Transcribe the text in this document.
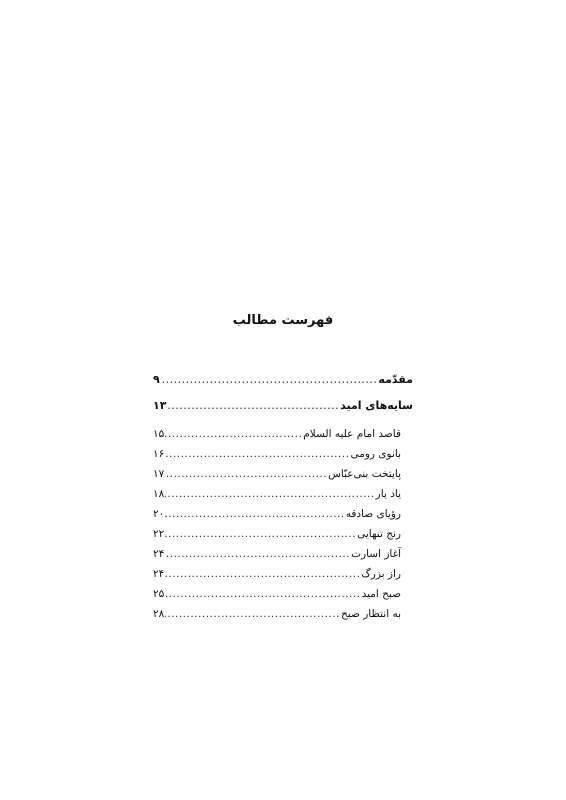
فهرست مطالب
مقدّمه
.....
۹
سایه‌های امید
.....
۱۳
قاصد امام عليه السلام
.....
۱۵
بانوی رومی
.....
۱۶
پایتخت بنی‌عبّاس
.....
۱۷
یاد یار
.....
۱۸
رؤیای صادقه
.....
۲۰
رنج تنهایی
.....
۲۲
آغاز اسارت
.....
۲۴
راز بزرگ
.....
۲۴
صبح امید
.....
۲۵
به انتظار صبح
.....
۲۸
